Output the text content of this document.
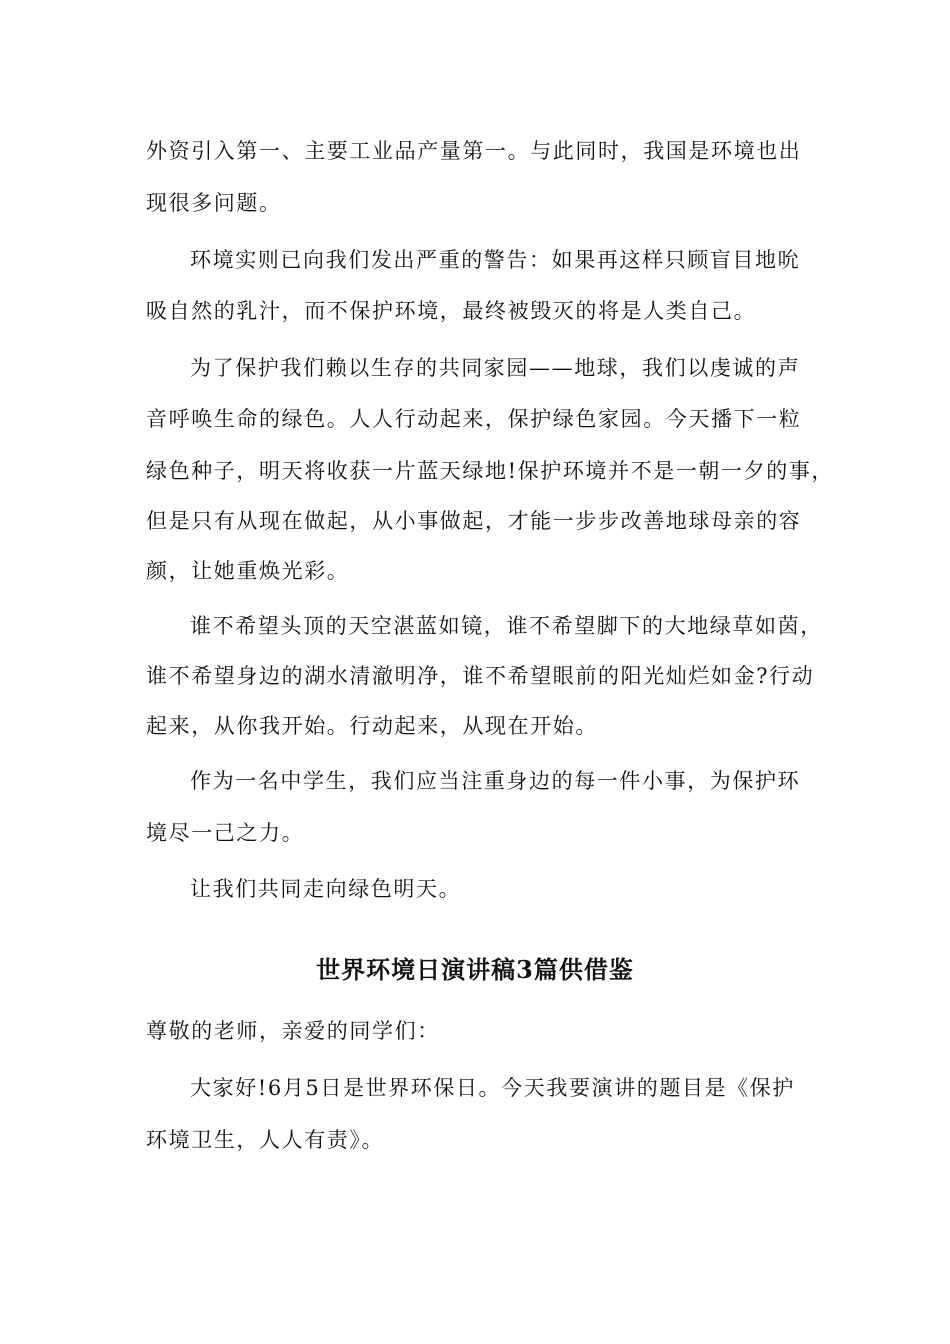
外资引入第一、主要工业品产量第一。与此同时，我国是环境也出
现很多问题。
环境实则已向我们发出严重的警告：如果再这样只顾盲目地吮
吸自然的乳汁，而不保护环境，最终被毁灭的将是人类自己。
为了保护我们赖以生存的共同家园——地球，我们以虔诚的声
音呼唤生命的绿色。人人行动起来，保护绿色家园。今天播下一粒
绿色种子，明天将收获一片蓝天绿地!保护环境并不是一朝一夕的事，
但是只有从现在做起，从小事做起，才能一步步改善地球母亲的容
颜，让她重焕光彩。
谁不希望头顶的天空湛蓝如镜，谁不希望脚下的大地绿草如茵，
谁不希望身边的湖水清澈明净，谁不希望眼前的阳光灿烂如金?行动
起来，从你我开始。行动起来，从现在开始。
作为一名中学生，我们应当注重身边的每一件小事，为保护环
境尽一己之力。
让我们共同走向绿色明天。
世界环境日演讲稿3篇供借鉴
尊敬的老师，亲爱的同学们：
大家好!6月5日是世界环保日。今天我要演讲的题目是《保护
环境卫生，人人有责》。
